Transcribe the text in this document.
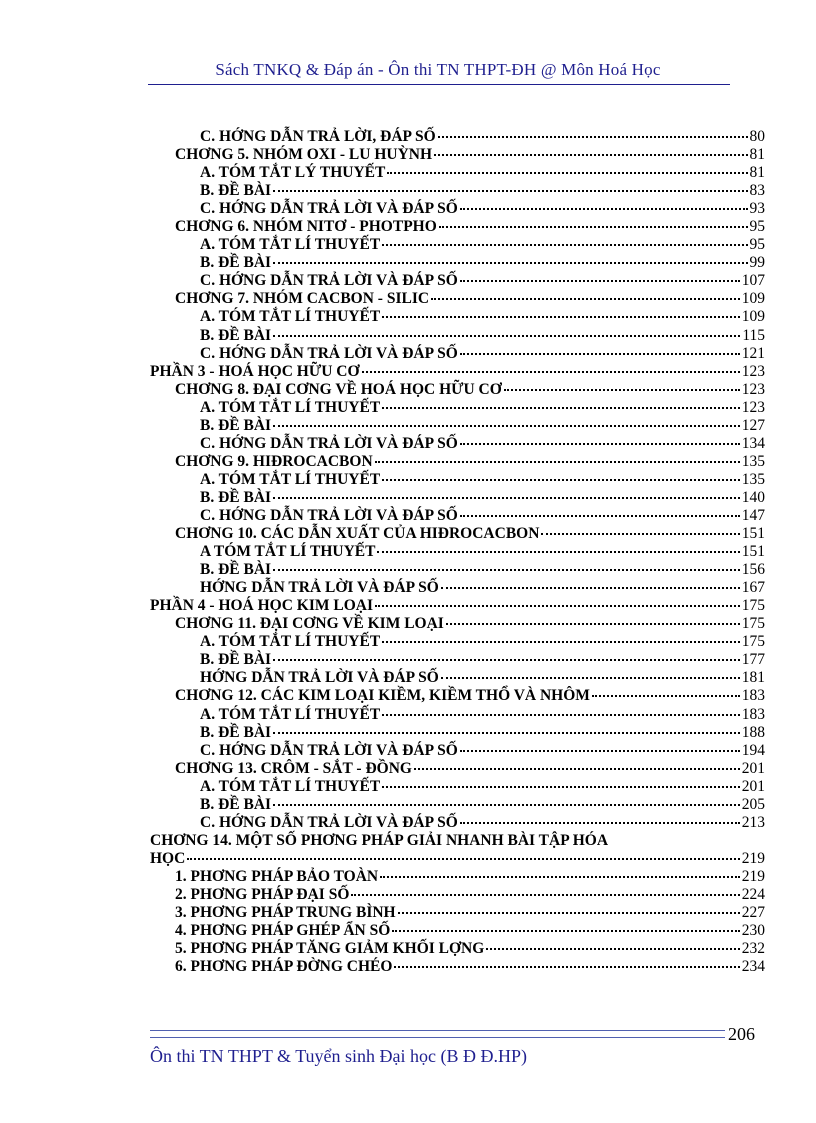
Sách TNKQ & Đáp án - Ôn thi TN THPT-ĐH @ Môn Hoá Học
C. HỚNG DẪN TRẢ LỜI, ĐÁP SỐ	80
CHƠNG 5. NHÓM OXI - LU HUỲNH	81
A. TÓM TẮT LÝ THUYẾT	81
B. ĐỀ BÀI	83
C. HỚNG DẪN TRẢ LỜI VÀ ĐÁP SỐ	93
CHƠNG 6. NHÓM NITƠ - PHOTPHO	95
A. TÓM TẮT LÍ THUYẾT	95
B. ĐỀ BÀI	99
C. HỚNG DẪN TRẢ LỜI VÀ ĐÁP SỐ	107
CHƠNG 7. NHÓM CACBON - SILIC	109
A. TÓM TẮT LÍ THUYẾT	109
B. ĐỀ BÀI	115
C. HỚNG DẪN TRẢ LỜI VÀ ĐÁP SỐ	121
PHẦN 3 - HOÁ HỌC HỮU CƠ	123
CHƠNG 8. ĐẠI CƠNG VỀ HOÁ HỌC HỮU CƠ	123
A. TÓM TẮT LÍ THUYẾT	123
B. ĐỀ BÀI	127
C. HỚNG DẪN TRẢ LỜI VÀ ĐÁP SỐ	134
CHƠNG 9. HIĐROCACBON	135
A. TÓM TẮT LÍ THUYẾT	135
B. ĐỀ BÀI	140
C. HỚNG DẪN TRẢ LỜI VÀ ĐÁP SỐ	147
CHƠNG 10. CÁC DẪN XUẤT CỦA HIĐROCACBON	151
A TÓM TẮT LÍ THUYẾT	151
B. ĐỀ BÀI	156
HỚNG DẪN TRẢ LỜI VÀ ĐÁP SỐ	167
PHẦN 4 - HOÁ HỌC KIM LOẠI	175
CHƠNG 11. ĐẠI CƠNG VỀ KIM LOẠI	175
A. TÓM TẮT LÍ THUYẾT	175
B. ĐỀ BÀI	177
HỚNG DẪN TRẢ LỜI VÀ ĐÁP SỐ	181
CHƠNG 12. CÁC KIM LOẠI KIỀM, KIỀM THỔ VÀ NHÔM	183
A. TÓM TẮT LÍ THUYẾT	183
B. ĐỀ BÀI	188
C. HỚNG DẪN TRẢ LỜI VÀ ĐÁP SỐ	194
CHƠNG 13. CRÔM - SẮT - ĐỒNG	201
A. TÓM TẮT LÍ THUYẾT	201
B. ĐỀ BÀI	205
C. HỚNG DẪN TRẢ LỜI VÀ ĐÁP SỐ	213
CHƠNG 14. MỘT SỐ PHƠNG PHÁP GIẢI NHANH BÀI TẬP HÓA
HỌC	219
1. PHƠNG PHÁP BẢO TOÀN	219
2. PHƠNG PHÁP ĐẠI SỐ	224
3. PHƠNG PHÁP TRUNG BÌNH	227
4. PHƠNG PHÁP GHÉP ẨN SỐ	230
5. PHƠNG PHÁP TĂNG GIẢM KHỐI LỢNG	232
6. PHƠNG PHÁP ĐỜNG CHÉO	234
206
Ôn thi TN THPT & Tuyển sinh Đại học (B Đ Đ.HP)
